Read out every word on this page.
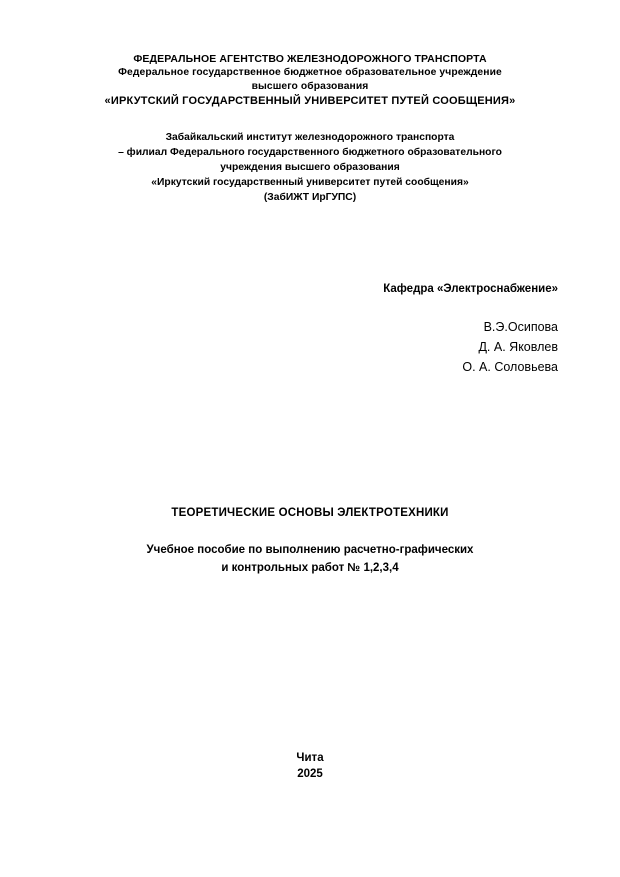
ФЕДЕРАЛЬНОЕ АГЕНТСТВО ЖЕЛЕЗНОДОРОЖНОГО ТРАНСПОРТА
Федеральное государственное бюджетное образовательное учреждение
высшего образования
«ИРКУТСКИЙ ГОСУДАРСТВЕННЫЙ УНИВЕРСИТЕТ ПУТЕЙ СООБЩЕНИЯ»
Забайкальский институт железнодорожного транспорта
– филиал Федерального государственного бюджетного образовательного
учреждения высшего образования
«Иркутский государственный университет путей сообщения»
(ЗабИЖТ ИрГУПС)
Кафедра «Электроснабжение»
В.Э.Осипова
Д. А. Яковлев
О. А. Соловьева
ТЕОРЕТИЧЕСКИЕ ОСНОВЫ ЭЛЕКТРОТЕХНИКИ
Учебное пособие по выполнению расчетно-графических
и контрольных работ № 1,2,3,4
Чита
2025
